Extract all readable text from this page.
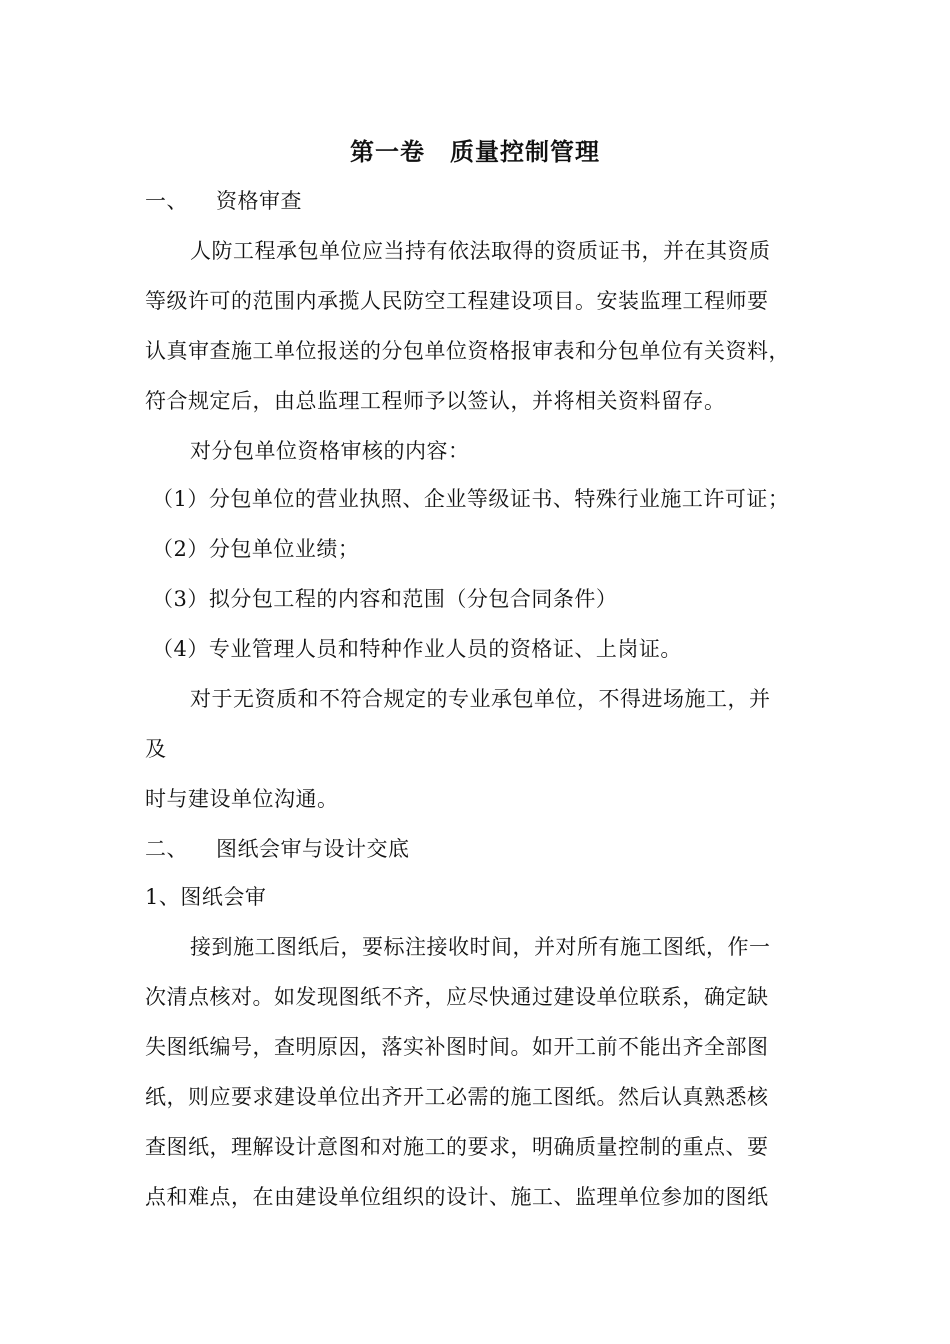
第一卷　质量控制管理
一、 资格审查
人防工程承包单位应当持有依法取得的资质证书，并在其资质
等级许可的范围内承揽人民防空工程建设项目。安装监理工程师要
认真审查施工单位报送的分包单位资格报审表和分包单位有关资料，
符合规定后，由总监理工程师予以签认，并将相关资料留存。
对分包单位资格审核的内容：
（1）分包单位的营业执照、企业等级证书、特殊行业施工许可证；
（2）分包单位业绩；
（3）拟分包工程的内容和范围（分包合同条件）
（4）专业管理人员和特种作业人员的资格证、上岗证。
对于无资质和不符合规定的专业承包单位，不得进场施工，并
及
时与建设单位沟通。
二、 图纸会审与设计交底
1、图纸会审
接到施工图纸后，要标注接收时间，并对所有施工图纸，作一
次清点核对。如发现图纸不齐，应尽快通过建设单位联系，确定缺
失图纸编号，查明原因，落实补图时间。如开工前不能出齐全部图
纸，则应要求建设单位出齐开工必需的施工图纸。然后认真熟悉核
查图纸，理解设计意图和对施工的要求，明确质量控制的重点、要
点和难点，在由建设单位组织的设计、施工、监理单位参加的图纸
